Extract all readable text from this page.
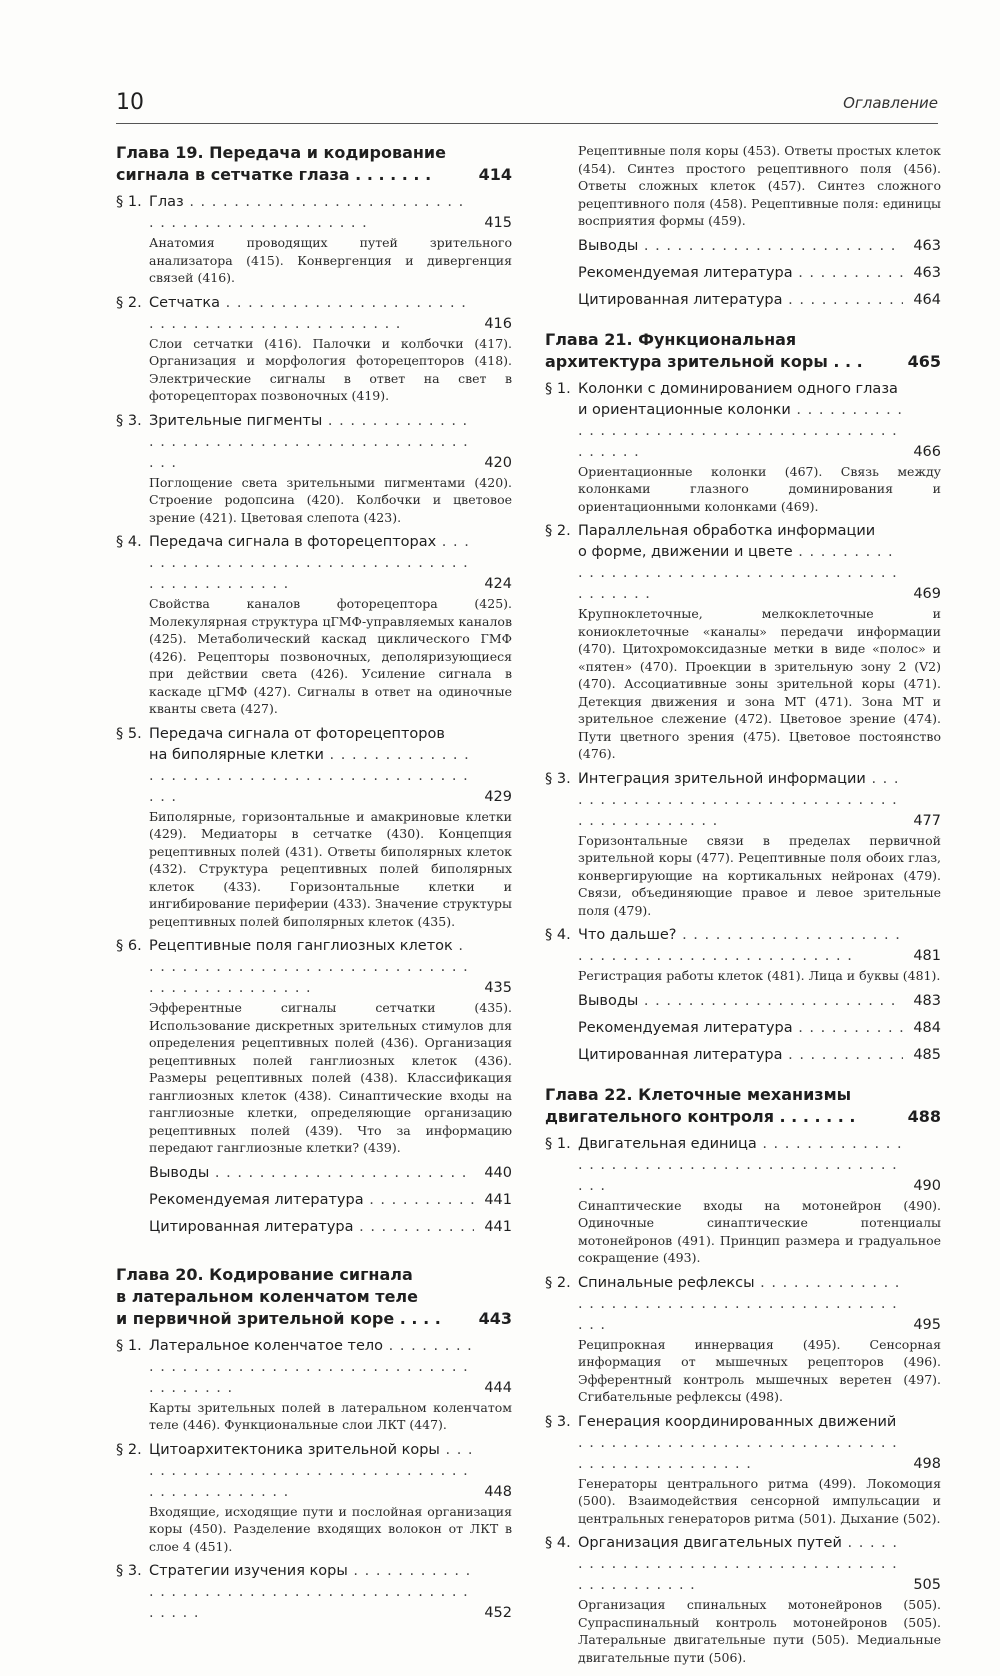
10	Оглавление
Глава 19. Передача и кодирование
сигнала в сетчатке глаза . . . . . . .	414
§ 1. Глаз . . .
415
Анатомия проводящих путей зрительного анализатора (415). Конвергенция и дивергенция связей (416).
§ 2. Сетчатка . . .
416
Слои сетчатки (416). Палочки и колбочки (417). Организация и морфология фоторецепторов (418). Электрические сигналы в ответ на свет в фоторецепторах позвоночных (419).
§ 3. Зрительные пигменты . . .
420
Поглощение света зрительными пигментами (420). Строение родопсина (420). Колбочки и цветовое зрение (421). Цветовая слепота (423).
§ 4. Передача сигнала в фоторецепторах . . .
424
Свойства каналов фоторецептора (425). Молекулярная структура цГМФ-управляемых каналов (425). Метаболический каскад циклического ГМФ (426). Рецепторы позвоночных, деполяризующиеся при действии света (426). Усиление сигнала в каскаде цГМФ (427). Сигналы в ответ на одиночные кванты света (427).
§ 5. Передача сигнала от фоторецепторов
на биполярные клетки . . .
429
Биполярные, горизонтальные и амакриновые клетки (429). Медиаторы в сетчатке (430). Концепция рецептивных полей (431). Ответы биполярных клеток (432). Структура рецептивных полей биполярных клеток (433). Горизонтальные клетки и ингибирование периферии (433). Значение структуры рецептивных полей биполярных клеток (435).
§ 6. Рецептивные поля ганглиозных клеток . . .
435
Эфферентные сигналы сетчатки (435). Использование дискретных зрительных стимулов для определения рецептивных полей (436). Организация рецептивных полей ганглиозных клеток (436). Размеры рецептивных полей (438). Классификация ганглиозных клеток (438). Синаптические входы на ганглиозные клетки, определяющие организацию рецептивных полей (439). Что за информацию передают ганглиозные клетки? (439).
Выводы . . .	440
Рекомендуемая литература . . .	441
Цитированная литература . . .	441
Глава 20. Кодирование сигнала
в латеральном коленчатом теле
и первичной зрительной коре . . . .	443
§ 1. Латеральное коленчатое тело . . .
444
Карты зрительных полей в латеральном коленчатом теле (446). Функциональные слои ЛКТ (447).
§ 2. Цитоархитектоника зрительной коры . . .
448
Входящие, исходящие пути и послойная организация коры (450). Разделение входящих волокон от ЛКТ в слое 4 (451).
§ 3. Стратегии изучения коры . . .
452
Рецептивные поля коры (453). Ответы простых клеток (454). Синтез простого рецептивного поля (456). Ответы сложных клеток (457). Синтез сложного рецептивного поля (458). Рецептивные поля: единицы восприятия формы (459).
Выводы . . .	463
Рекомендуемая литература . . .	463
Цитированная литература . . .	464
Глава 21. Функциональная
архитектура зрительной коры . . .	465
§ 1. Колонки с доминированием одного глаза
и ориентационные колонки . . .
466
Ориентационные колонки (467). Связь между колонками глазного доминирования и ориентационными колонками (469).
§ 2. Параллельная обработка информации
о форме, движении и цвете . . .
469
Крупноклеточные, мелкоклеточные и кониоклеточные «каналы» передачи информации (470). Цитохромоксидазные метки в виде «полос» и «пятен» (470). Проекции в зрительную зону 2 (V2) (470). Ассоциативные зоны зрительной коры (471). Детекция движения и зона MT (471). Зона MT и зрительное слежение (472). Цветовое зрение (474). Пути цветного зрения (475). Цветовое постоянство (476).
§ 3. Интеграция зрительной информации . . .
477
Горизонтальные связи в пределах первичной зрительной коры (477). Рецептивные поля обоих глаз, конвергирующие на кортикальных нейронах (479). Связи, объединяющие правое и левое зрительные поля (479).
§ 4. Что дальше? . . .
481
Регистрация работы клеток (481). Лица и буквы (481).
Выводы . . .	483
Рекомендуемая литература . . .	484
Цитированная литература . . .	485
Глава 22. Клеточные механизмы
двигательного контроля . . . . . . .	488
§ 1. Двигательная единица . . .
490
Синаптические входы на мотонейрон (490). Одиночные синаптические потенциалы мотонейронов (491). Принцип размера и градуальное сокращение (493).
§ 2. Спинальные рефлексы . . .
495
Реципрокная иннервация (495). Сенсорная информация от мышечных рецепторов (496). Эфферентный контроль мышечных веретен (497). Сгибательные рефлексы (498).
§ 3. Генерация координированных движений . . .
498
Генераторы центрального ритма (499). Локомоция (500). Взаимодействия сенсорной импульсации и центральных генераторов ритма (501). Дыхание (502).
§ 4. Организация двигательных путей . . .
505
Организация спинальных мотонейронов (505). Супраспинальный контроль мотонейронов (505). Латеральные двигательные пути (505). Медиальные двигательные пути (506).
